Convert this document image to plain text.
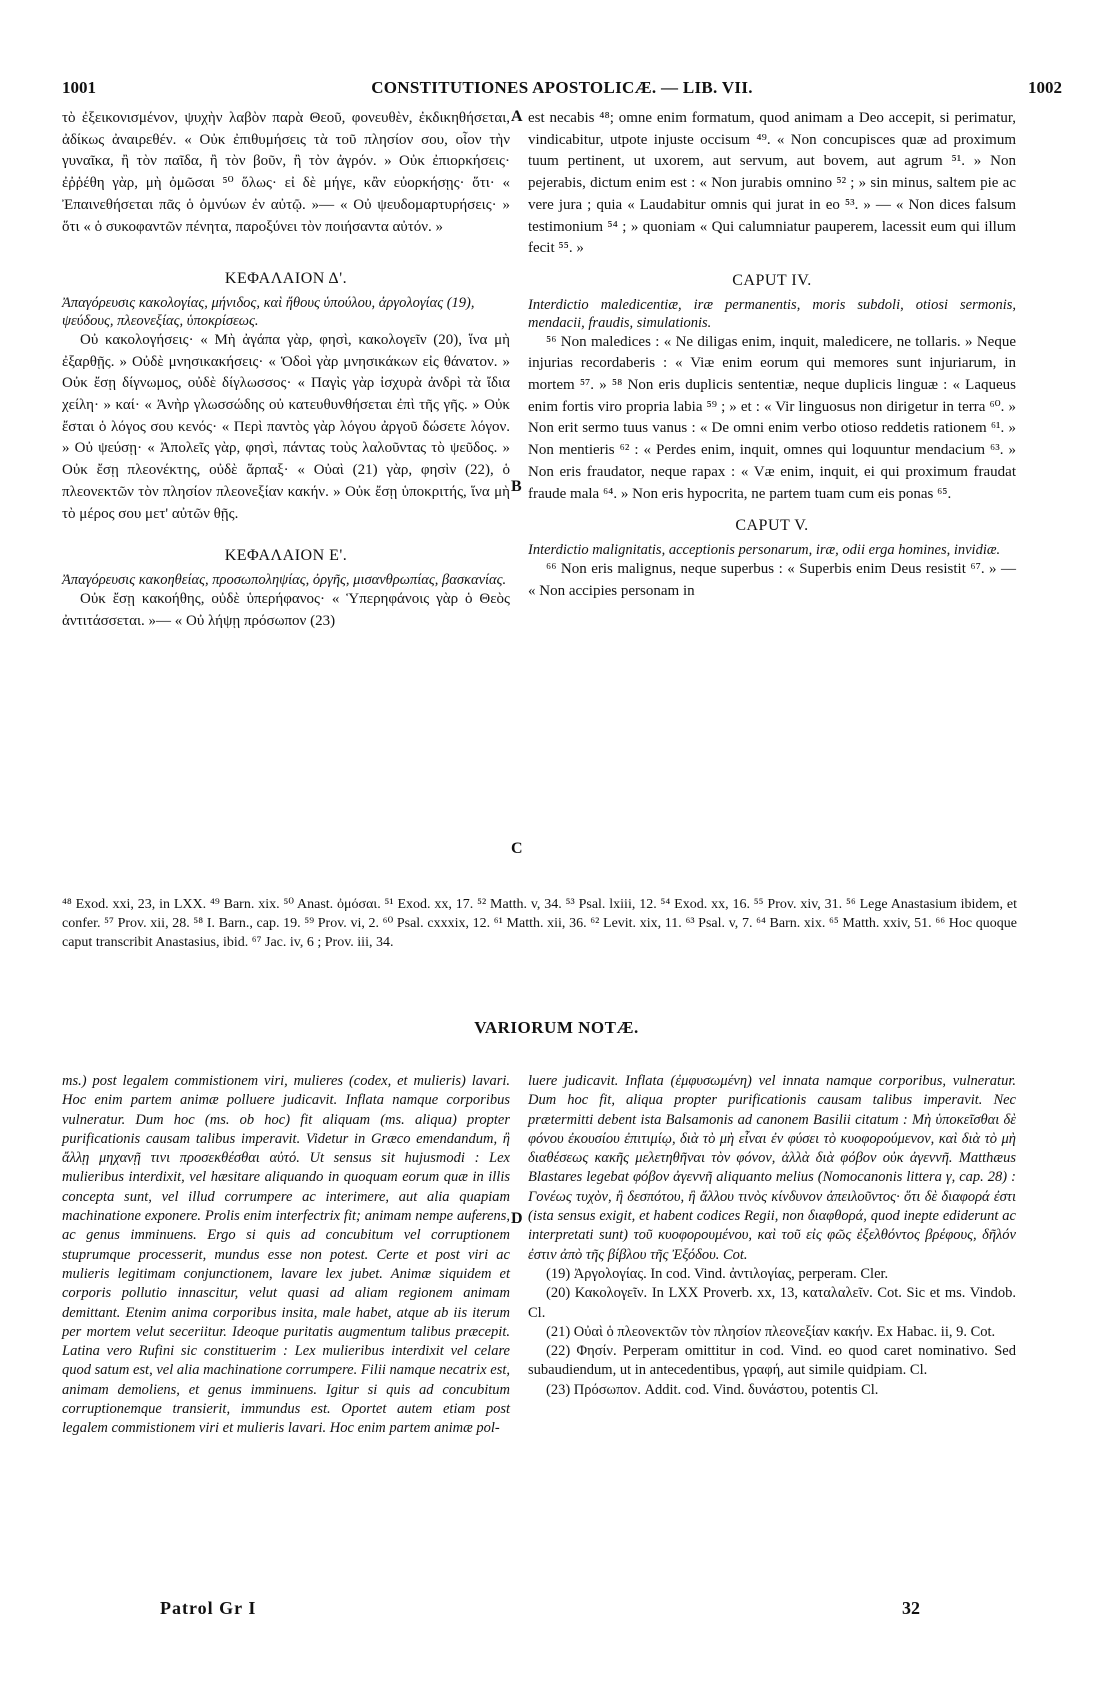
1001	CONSTITUTIONES APOSTOLICÆ. — LIB. VII.	1002

τὸ ἐξεικονισμένον, ψυχὴν λαβὸν παρὰ Θεοῦ, φονευθὲν, ἐκδικηθήσεται, ἀδίκως ἀναιρεθέν. « Οὐκ ἐπιθυμήσεις τὰ τοῦ πλησίον σου, οἷον τὴν γυναῖκα, ἢ τὸν παῖδα, ἢ τὸν βοῦν, ἢ τὸν ἀγρόν. » Οὐκ ἐπιορκήσεις· ἐῤῥέθη γὰρ, μὴ ὀμῶσαι ⁵⁰ ὅλως· εἰ δὲ μήγε, κἂν εὐορκήσῃς· ὅτι· « Ἐπαινεθήσεται πᾶς ὁ ὀμνύων ἐν αὐτῷ. »— « Οὐ ψευδομαρτυρήσεις· » ὅτι « ὁ συκοφαντῶν πένητα, παροξύνει τὸν ποιήσαντα αὐτόν. »

ΚΕΦΑΛΑΙΟΝ Δ'.

Ἀπαγόρευσις κακολογίας, μήνιδος, καὶ ἤθους ὑπούλου, ἀργολογίας (19), ψεύδους, πλεονεξίας, ὑποκρίσεως.

Οὐ κακολογήσεις· « Μὴ ἀγάπα γὰρ, φησὶ, κακολογεῖν (20), ἵνα μὴ ἐξαρθῇς. » Οὐδὲ μνησικακήσεις· « Ὁδοὶ γὰρ μνησικάκων εἰς θάνατον. » Οὐκ ἔσῃ δίγνωμος, οὐδὲ δίγλωσσος· « Παγὶς γὰρ ἰσχυρὰ ἀνδρὶ τὰ ἴδια χείλη· » καί· « Ἀνὴρ γλωσσώδης οὐ κατευθυνθήσεται ἐπὶ τῆς γῆς. » Οὐκ ἔσται ὁ λόγος σου κενός· « Περὶ παντὸς γὰρ λόγου ἀργοῦ δώσετε λόγον. » Οὐ ψεύσῃ· « Ἀπολεῖς γὰρ, φησὶ, πάντας τοὺς λαλοῦντας τὸ ψεῦδος. » Οὐκ ἔσῃ πλεονέκτης, οὐδὲ ἅρπαξ· « Οὐαὶ (21) γὰρ, φησὶν (22), ὁ πλεονεκτῶν τὸν πλησίον πλεονεξίαν κακήν. » Οὐκ ἔσῃ ὑποκριτής, ἵνα μὴ τὸ μέρος σου μετ' αὐτῶν θῇς.

ΚΕΦΑΛΑΙΟΝ Ε'.

Ἀπαγόρευσις κακοηθείας, προσωποληψίας, ὀργῆς, μισανθρωπίας, βασκανίας.

Οὐκ ἔσῃ κακοήθης, οὐδὲ ὑπερήφανος· « Ὑπερηφάνοις γὰρ ὁ Θεὸς ἀντιτάσσεται. »— « Οὐ λήψῃ πρόσωπον (23)

A
B
C
D

est necabis ⁴⁸; omne enim formatum, quod animam a Deo accepit, si perimatur, vindicabitur, utpote injuste occisum ⁴⁹. « Non concupisces quæ ad proximum tuum pertinent, ut uxorem, aut servum, aut bovem, aut agrum ⁵¹. » Non pejerabis, dictum enim est : « Non jurabis omnino ⁵² ; » sin minus, saltem pie ac vere jura ; quia « Laudabitur omnis qui jurat in eo ⁵³. » — « Non dices falsum testimonium ⁵⁴ ; » quoniam « Qui calumniatur pauperem, lacessit eum qui illum fecit ⁵⁵. »

CAPUT IV.

Interdictio maledicentiæ, iræ permanentis, moris subdoli, otiosi sermonis, mendacii, fraudis, simulationis.

⁵⁶ Non maledices : « Ne diligas enim, inquit, maledicere, ne tollaris. » Neque injurias recordaberis : « Viæ enim eorum qui memores sunt injuriarum, in mortem ⁵⁷. » ⁵⁸ Non eris duplicis sententiæ, neque duplicis linguæ : « Laqueus enim fortis viro propria labia ⁵⁹ ; » et : « Vir linguosus non dirigetur in terra ⁶⁰. » Non erit sermo tuus vanus : « De omni enim verbo otioso reddetis rationem ⁶¹. » Non mentieris ⁶² : « Perdes enim, inquit, omnes qui loquuntur mendacium ⁶³. » Non eris fraudator, neque rapax : « Væ enim, inquit, ei qui proximum fraudat fraude mala ⁶⁴. » Non eris hypocrita, ne partem tuam cum eis ponas ⁶⁵.

CAPUT V.

Interdictio malignitatis, acceptionis personarum, iræ, odii erga homines, invidiæ.

⁶⁶ Non eris malignus, neque superbus : « Superbis enim Deus resistit ⁶⁷. » — « Non accipies personam in

⁴⁸ Exod. xxi, 23, in LXX. ⁴⁹ Barn. xix. ⁵⁰ Anast. ὀμόσαι. ⁵¹ Exod. xx, 17. ⁵² Matth. v, 34. ⁵³ Psal. lxiii, 12. ⁵⁴ Exod. xx, 16. ⁵⁵ Prov. xiv, 31. ⁵⁶ Lege Anastasium ibidem, et confer. ⁵⁷ Prov. xii, 28. ⁵⁸ I. Barn., cap. 19. ⁵⁹ Prov. vi, 2. ⁶⁰ Psal. cxxxix, 12. ⁶¹ Matth. xii, 36. ⁶² Levit. xix, 11. ⁶³ Psal. v, 7. ⁶⁴ Barn. xix. ⁶⁵ Matth. xxiv, 51. ⁶⁶ Hoc quoque caput transcribit Anastasius, ibid. ⁶⁷ Jac. iv, 6 ; Prov. iii, 34.

VARIORUM NOTÆ.

ms.) post legalem commistionem viri, mulieres (codex, et mulieris) lavari. Hoc enim partem animæ polluere judicavit. Inflata namque corporibus vulneratur. Dum hoc (ms. ob hoc) fit aliquam (ms. aliqua) propter purificationis causam talibus imperavit. Videtur in Græco emendandum, ἢ ἄλλῃ μηχανῇ τινι προσεκθέσθαι αὐτό. Ut sensus sit hujusmodi : Lex mulieribus interdixit, vel hæsitare aliquando in quoquam eorum quæ in illis concepta sunt, vel illud corrumpere ac interimere, aut alia quapiam machinatione exponere. Prolis enim interfectrix fit; animam nempe auferens, ac genus imminuens. Ergo si quis ad concubitum vel corruptionem stuprumque processerit, mundus esse non potest. Certe et post viri ac mulieris legitimam conjunctionem, lavare lex jubet. Animæ siquidem et corporis pollutio innascitur, velut quasi ad aliam regionem animam demittant. Etenim anima corporibus insita, male habet, atque ab iis iterum per mortem velut seceriitur. Ideoque puritatis augmentum talibus præcepit. Latina vero Rufini sic constituerim : Lex mulieribus interdixit vel celare quod satum est, vel alia machinatione corrumpere. Filii namque necatrix est, animam demoliens, et genus imminuens. Igitur si quis ad concubitum corruptionemque transierit, immundus est. Oportet autem etiam post legalem commistionem viri et mulieris lavari. Hoc enim partem animæ pol-

luere judicavit. Inflata (ἐμφυσωμένη) vel innata namque corporibus, vulneratur. Dum hoc fit, aliqua propter purificationis causam talibus imperavit. Nec prætermitti debent ista Balsamonis ad canonem Basilii citatum : Μὴ ὑποκεῖσθαι δὲ φόνου ἐκουσίου ἐπιτιμίῳ, διὰ τὸ μὴ εἶναι ἐν φύσει τὸ κυοφορούμενον, καὶ διὰ τὸ μὴ διαθέσεως κακῆς μελετηθῆναι τὸν φόνον, ἀλλὰ διὰ φόβον οὐκ ἀγεννῆ. Matthæus Blastares legebat φόβον ἀγεννῆ aliquanto melius (Nomocanonis littera γ, cap. 28) : Γονέως τυχὸν, ἢ δεσπότου, ἢ ἄλλου τινὸς κίνδυνον ἀπειλοῦντος· ὅτι δὲ διαφορά ἐστι (ista sensus exigit, et habent codices Regii, non διαφθορά, quod inepte ediderunt ac interpretati sunt) τοῦ κυοφορουμένου, καὶ τοῦ εἰς φῶς ἐξελθόντος βρέφους, δῆλόν ἐστιν ἀπὸ τῆς βίβλου τῆς Ἐξόδου. Cot.

(19) Ἀργολογίας. In cod. Vind. ἀντιλογίας, perperam. Cler.

(20) Κακολογεῖν. In LXX Proverb. xx, 13, καταλαλεῖν. Cot. Sic et ms. Vindob. Cl.

(21) Οὐαὶ ὁ πλεονεκτῶν τὸν πλησίον πλεονεξίαν κακήν. Ex Habac. ii, 9. Cot.

(22) Φησίν. Perperam omittitur in cod. Vind. eo quod caret nominativo. Sed subaudiendum, ut in antecedentibus, γραφή, aut simile quidpiam. Cl.

(23) Πρόσωπον. Addit. cod. Vind. δυνάστου, potentis Cl.

Patrol Gr I	32
